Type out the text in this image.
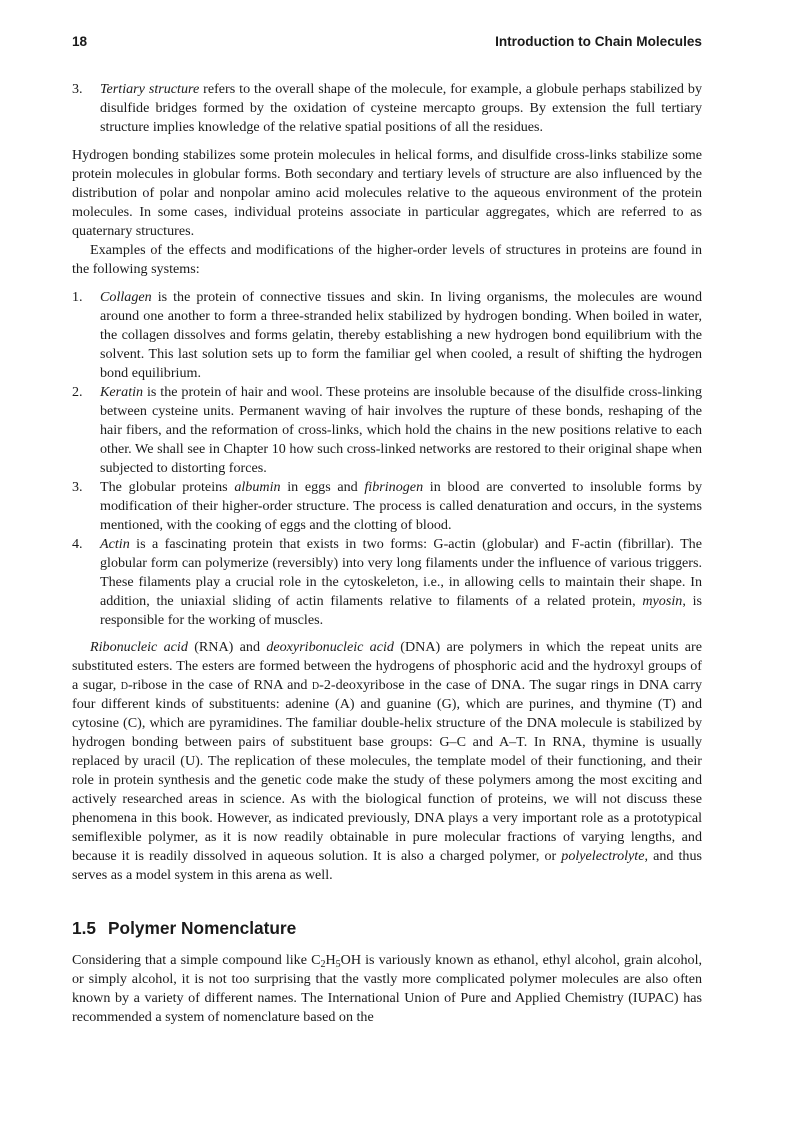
18	Introduction to Chain Molecules
3.	Tertiary structure refers to the overall shape of the molecule, for example, a globule perhaps stabilized by disulfide bridges formed by the oxidation of cysteine mercapto groups. By extension the full tertiary structure implies knowledge of the relative spatial positions of all the residues.

Hydrogen bonding stabilizes some protein molecules in helical forms, and disulfide cross-links stabilize some protein molecules in globular forms. Both secondary and tertiary levels of structure are also influenced by the distribution of polar and nonpolar amino acid molecules relative to the aqueous environment of the protein molecules. In some cases, individual proteins associate in particular aggregates, which are referred to as quaternary structures.

Examples of the effects and modifications of the higher-order levels of structures in proteins are found in the following systems:

1.	Collagen is the protein of connective tissues and skin. In living organisms, the molecules are wound around one another to form a three-stranded helix stabilized by hydrogen bonding. When boiled in water, the collagen dissolves and forms gelatin, thereby establishing a new hydrogen bond equilibrium with the solvent. This last solution sets up to form the familiar gel when cooled, a result of shifting the hydrogen bond equilibrium.
2.	Keratin is the protein of hair and wool. These proteins are insoluble because of the disulfide cross-linking between cysteine units. Permanent waving of hair involves the rupture of these bonds, reshaping of the hair fibers, and the reformation of cross-links, which hold the chains in the new positions relative to each other. We shall see in Chapter 10 how such cross-linked networks are restored to their original shape when subjected to distorting forces.
3.	The globular proteins albumin in eggs and fibrinogen in blood are converted to insoluble forms by modification of their higher-order structure. The process is called denaturation and occurs, in the systems mentioned, with the cooking of eggs and the clotting of blood.
4.	Actin is a fascinating protein that exists in two forms: G-actin (globular) and F-actin (fibrillar). The globular form can polymerize (reversibly) into very long filaments under the influence of various triggers. These filaments play a crucial role in the cytoskeleton, i.e., in allowing cells to maintain their shape. In addition, the uniaxial sliding of actin filaments relative to filaments of a related protein, myosin, is responsible for the working of muscles.

Ribonucleic acid (RNA) and deoxyribonucleic acid (DNA) are polymers in which the repeat units are substituted esters. The esters are formed between the hydrogens of phosphoric acid and the hydroxyl groups of a sugar, d-ribose in the case of RNA and d-2-deoxyribose in the case of DNA. The sugar rings in DNA carry four different kinds of substituents: adenine (A) and guanine (G), which are purines, and thymine (T) and cytosine (C), which are pyramidines. The familiar double-helix structure of the DNA molecule is stabilized by hydrogen bonding between pairs of substituent base groups: G–C and A–T. In RNA, thymine is usually replaced by uracil (U). The replication of these molecules, the template model of their functioning, and their role in protein synthesis and the genetic code make the study of these polymers among the most exciting and actively researched areas in science. As with the biological function of proteins, we will not discuss these phenomena in this book. However, as indicated previously, DNA plays a very important role as a prototypical semiflexible polymer, as it is now readily obtainable in pure molecular fractions of varying lengths, and because it is readily dissolved in aqueous solution. It is also a charged polymer, or polyelectrolyte, and thus serves as a model system in this arena as well.

1.5 Polymer Nomenclature

Considering that a simple compound like $C_2H_5OH$ is variously known as ethanol, ethyl alcohol, grain alcohol, or simply alcohol, it is not too surprising that the vastly more complicated polymer molecules are also often known by a variety of different names. The International Union of Pure and Applied Chemistry (IUPAC) has recommended a system of nomenclature based on the
